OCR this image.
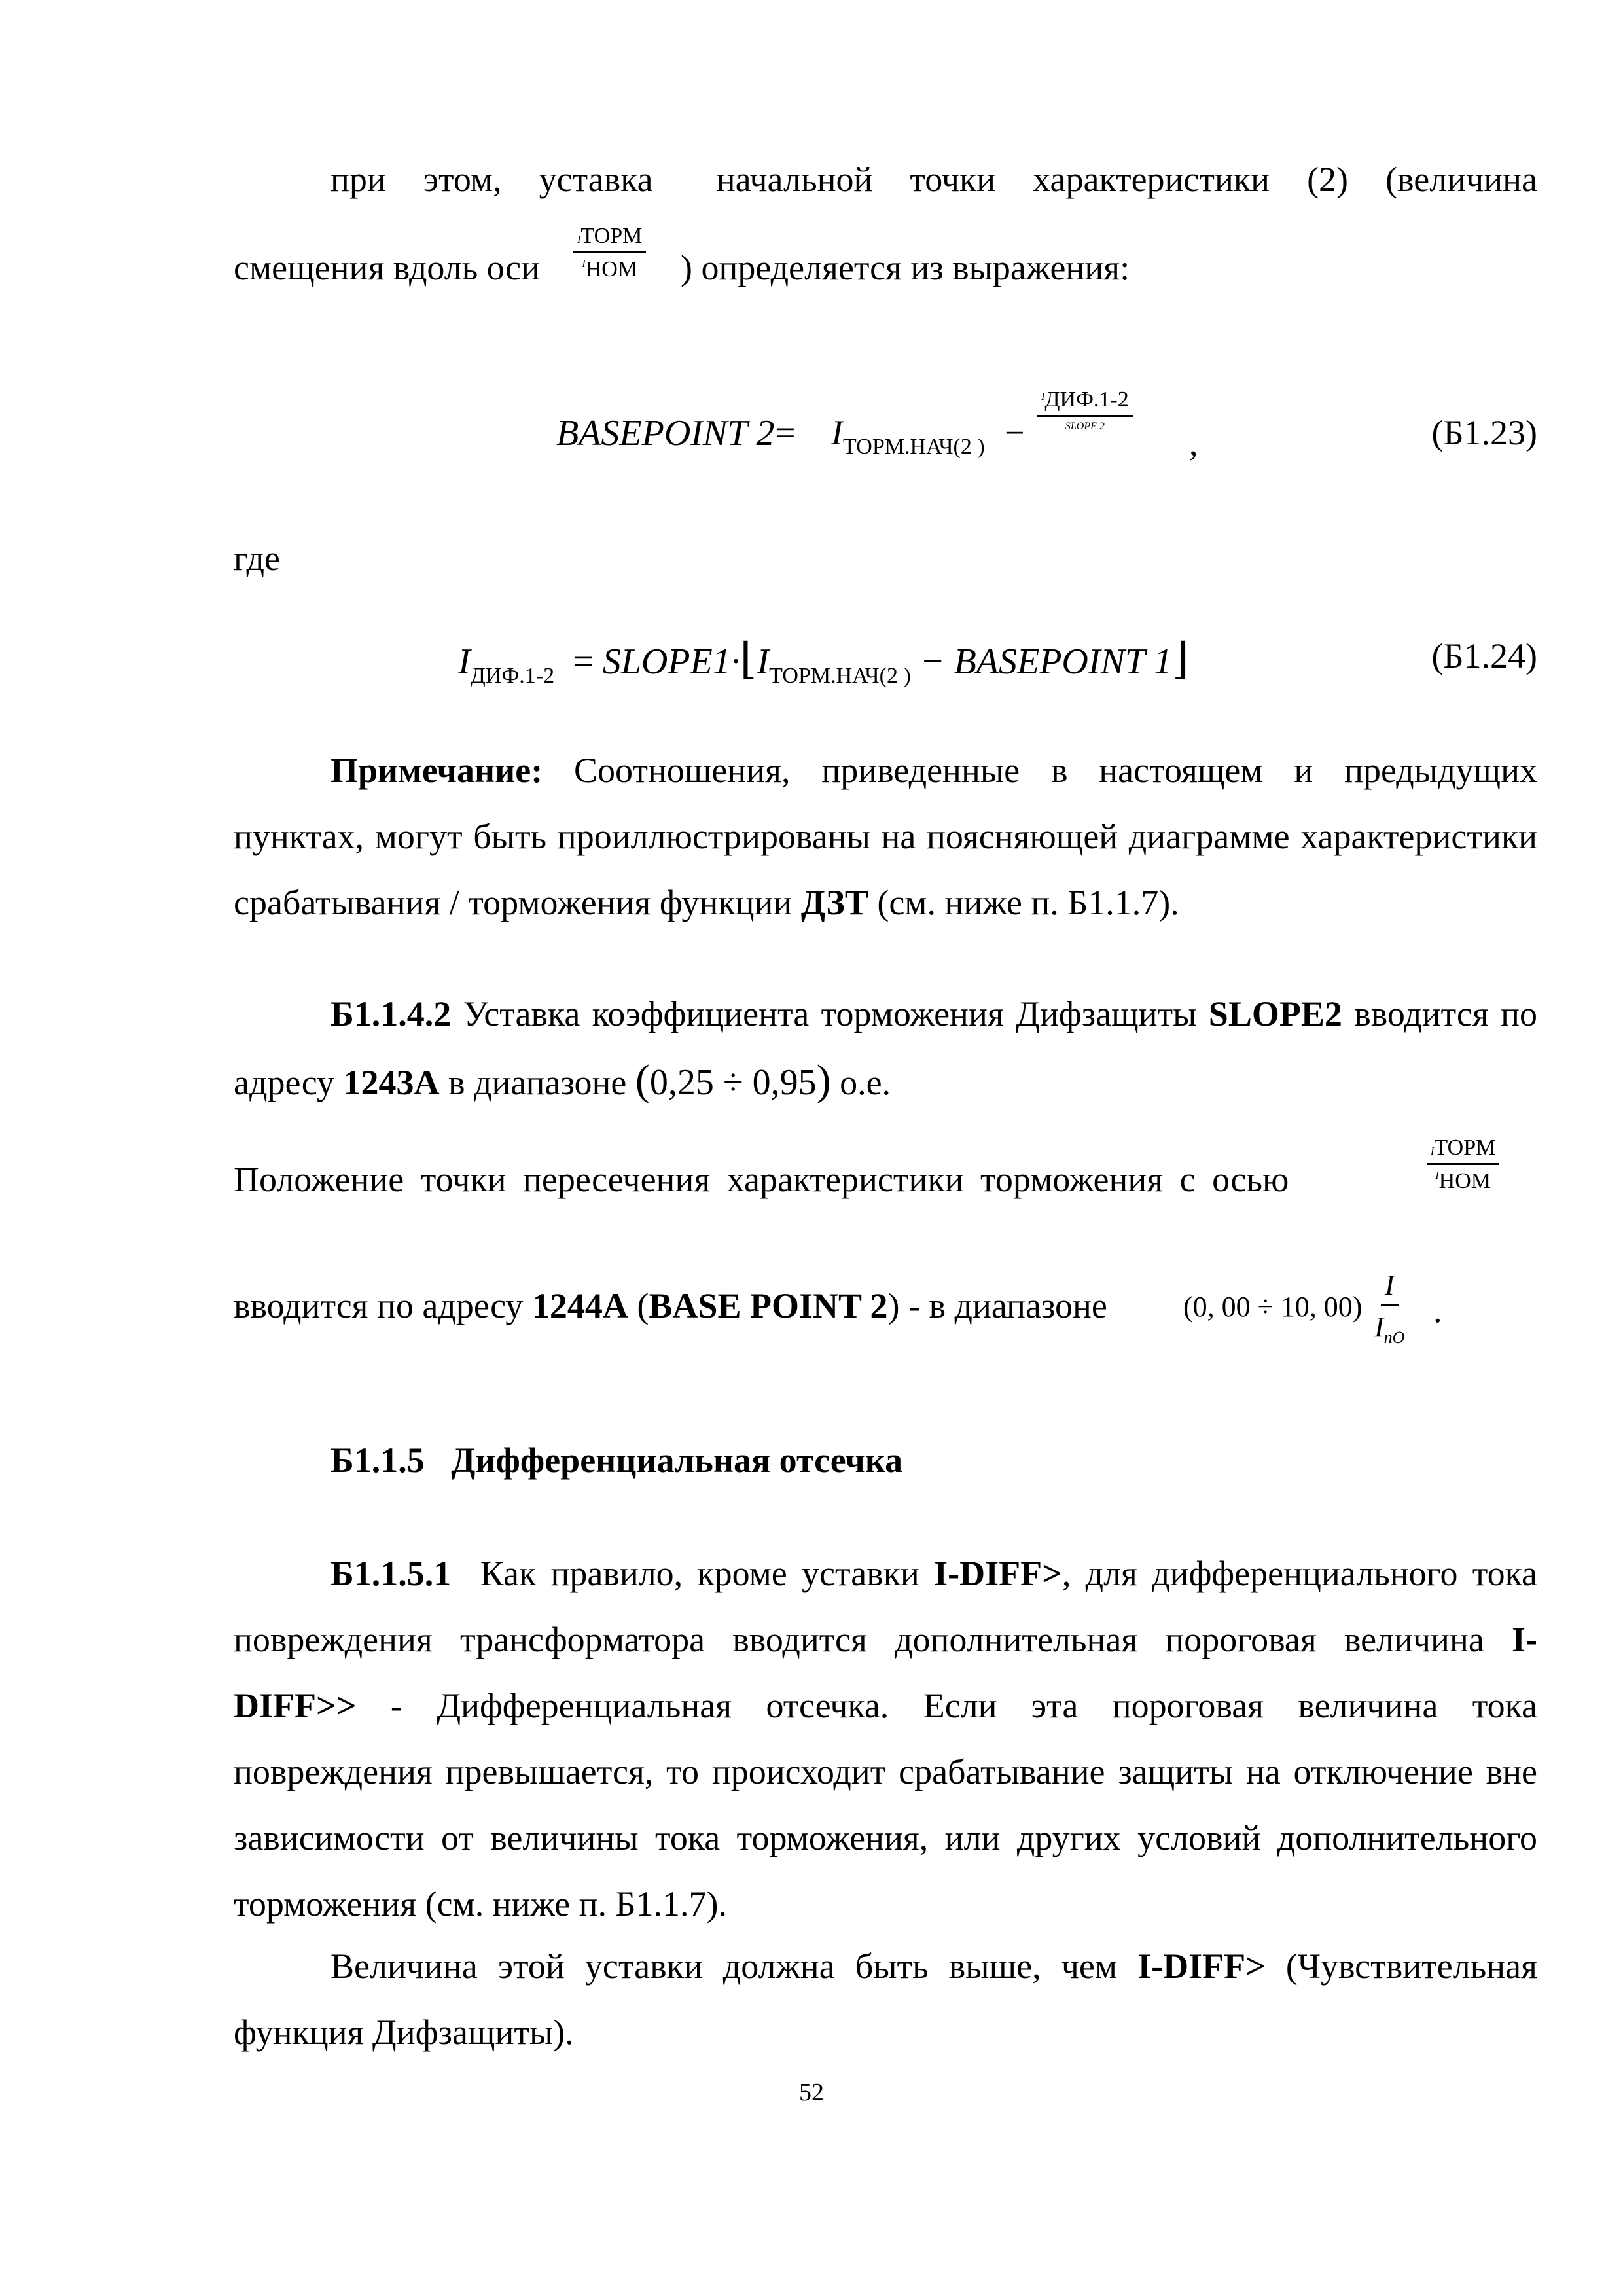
при этом, уставка начальной точки характеристики (2) (величина
смещения вдоль оси
IТОРМ
IНОМ ) определяется из выражения:
BASEPOINT $2 = I_{ТОРМ.НАЧ(2 )}$ −
IДИФ.1-2
SLOPE 2 ,	(Б1.23)
где
$I_{ДИФ.1-2}$ = $SLOPE1\cdot⌊I_{ТОРМ.НАЧ(2 )}$ − BASEPOINT 1⌋	(Б1.24)
Примечание: Соотношения, приведенные в настоящем и предыдущих пунктах, могут быть проиллюстрированы на поясняющей диаграмме характеристики срабатывания / торможения функции ДЗТ (см. ниже п. Б1.1.7).
Б1.1.4.2 Уставка коэффициента торможения Дифзащиты SLOPE2 вводится по адресу 1243A в диапазоне (0,25 ÷ 0,95) о.е.
Положение точки пересечения характеристики торможения с осью
IТОРМ
IНОМ
вводится по адресу 1244A (BASE POINT 2) - в диапазоне	(0, 00 ÷ 10, 00)
I
$I_{nO}$
.
Б1.1.5   Дифференциальная отсечка
Б1.1.5.1  Как правило, кроме уставки I-DIFF>, для дифференциального тока повреждения трансформатора вводится дополнительная пороговая величина I-DIFF>> - Дифференциальная отсечка. Если эта пороговая величина тока повреждения превышается, то происходит срабатывание защиты на отключение вне зависимости от величины тока торможения, или других условий дополнительного торможения (см. ниже п. Б1.1.7).
Величина этой уставки должна быть выше, чем I-DIFF> (Чувствительная функция Дифзащиты).
52
